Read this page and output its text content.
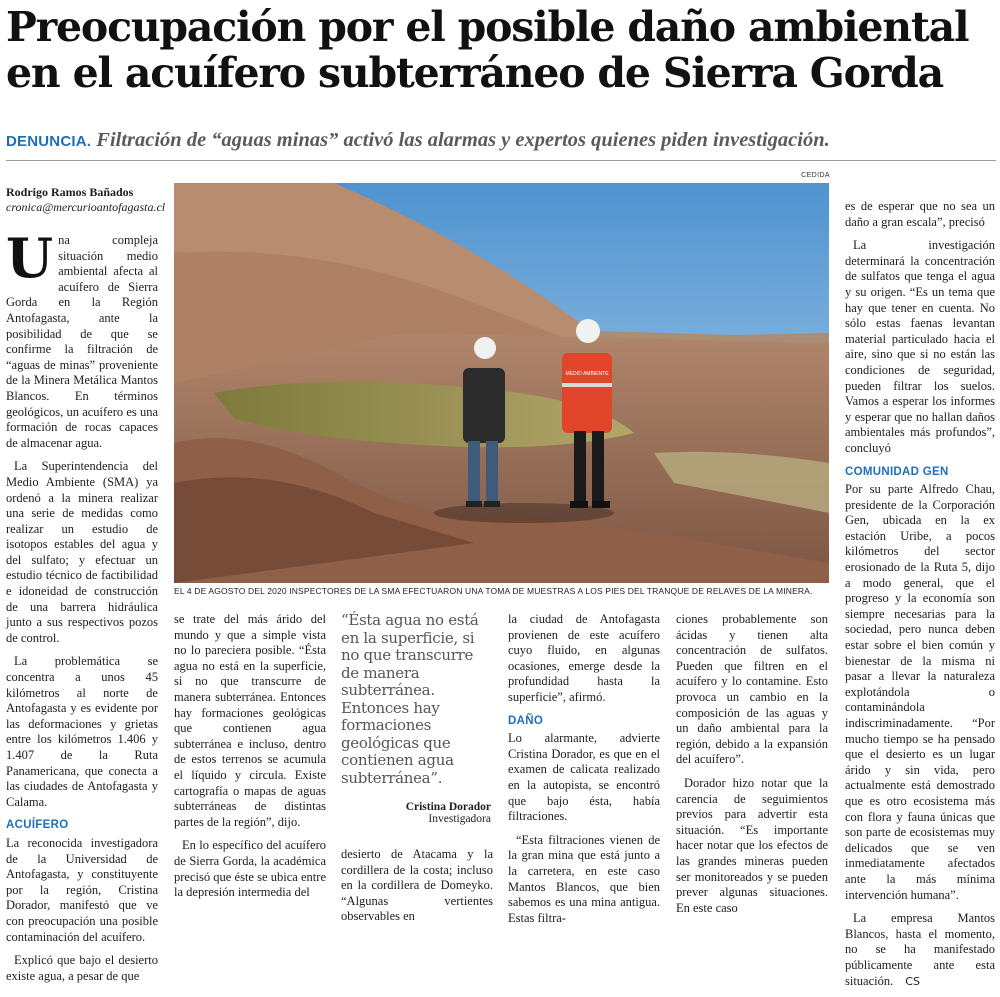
Preocupación por el posible daño ambiental
en el acuífero subterráneo de Sierra Gorda
DENUNCIA. Filtración de “aguas minas” activó las alarmas y expertos quienes piden investigación.
Rodrigo Ramos Bañados
cronica@mercurioantofagasta.cl

Una compleja situación medio ambiental afecta al acuífero de Sierra Gorda en la Región Antofagasta, ante la posibilidad de que se confirme la filtración de “aguas de minas” proveniente de la Minera Metálica Mantos Blancos. En términos geológicos, un acuífero es una formación de rocas capaces de almacenar agua.

La Superintendencia del Medio Ambiente (SMA) ya ordenó a la minera realizar una serie de medidas como realizar un estudio de isotopos estables del agua y del sulfato; y efectuar un estudio técnico de factibilidad e idoneidad de construcción de una barrera hidráulica junto a sus respectivos pozos de control.

La problemática se concentra a unos 45 kilómetros al norte de Antofagasta y es evidente por las deformaciones y grietas entre los kilómetros 1.406 y 1.407 de la Ruta Panamericana, que conecta a las ciudades de Antofagasta y Calama.

ACUÍFERO

La reconocida investigadora de la Universidad de Antofagasta, y constituyente por la región, Cristina Dorador, manifestó que ve con preocupación una posible contaminación del acuífero.

Explicó que bajo el desierto existe agua, a pesar de que

CEDIDA
MEDIO AMBIENTE
EL 4 DE AGOSTO DEL 2020 INSPECTORES DE LA SMA EFECTUARON UNA TOMA DE MUESTRAS A LOS PIES DEL TRANQUE DE RELAVES DE LA MINERA.

se trate del más árido del mundo y que a simple vista no lo pareciera posible. “Ésta agua no está en la superficie, si no que transcurre de manera subterránea. Entonces hay formaciones geológicas que contienen agua subterránea e incluso, dentro de estos terrenos se acumula el líquido y circula. Existe cartografía o mapas de aguas subterráneas de distintas partes de la región”, dijo.

En lo específico del acuífero de Sierra Gorda, la académica precisó que éste se ubica entre la depresión intermedia del

“Ésta agua no está en la superficie, si no que transcurre de manera subterránea. Entonces hay formaciones geológicas que contienen agua subterránea”.
Cristina Dorador
Investigadora

desierto de Atacama y la cordillera de la costa; incluso en la cordillera de Domeyko. “Algunas vertientes observables en

la ciudad de Antofagasta provienen de este acuífero cuyo fluido, en algunas ocasiones, emerge desde la profundidad hasta la superficie”, afirmó.

DAÑO

Lo alarmante, advierte Cristina Dorador, es que en el examen de calicata realizado en la autopista, se encontró que bajo ésta, había filtraciones.

“Esta filtraciones vienen de la gran mina que está junto a la carretera, en este caso Mantos Blancos, que bien sabemos es una mina antigua. Estas filtra-

ciones probablemente son ácidas y tienen alta concentración de sulfatos. Pueden que filtren en el acuífero y lo contamine. Esto provoca un cambio en la composición de las aguas y un daño ambiental para la región, debido a la expansión del acuífero”.

Dorador hizo notar que la carencia de seguimientos previos para advertir esta situación. “Es importante hacer notar que los efectos de las grandes mineras pueden ser monitoreados y se pueden prever algunas situaciones. En este caso

es de esperar que no sea un daño a gran escala”, precisó

La investigación determinará la concentración de sulfatos que tenga el agua y su origen. “Es un tema que hay que tener en cuenta. No sólo estas faenas levantan material particulado hacia el aire, sino que si no están las condiciones de seguridad, pueden filtrar los suelos. Vamos a esperar los informes y esperar que no hallan daños ambientales más profundos”, concluyó

COMUNIDAD GEN

Por su parte Alfredo Chau, presidente de la Corporación Gen, ubicada en la ex estación Uribe, a pocos kilómetros del sector erosionado de la Ruta 5, dijo a modo general, que el progreso y la economía son siempre necesarias para la sociedad, pero nunca deben estar sobre el bien común y bienestar de la misma ni pasar a llevar la naturaleza explotándola o contaminándola indiscriminadamente. “Por mucho tiempo se ha pensado que el desierto es un lugar árido y sin vida, pero actualmente está demostrado que es otro ecosistema más con flora y fauna únicas que son parte de ecosistemas muy delicados que se ven inmediatamente afectados ante la más mínima intervención humana”.

La empresa Mantos Blancos, hasta el momento, no se ha manifestado públicamente ante esta situación. CS
